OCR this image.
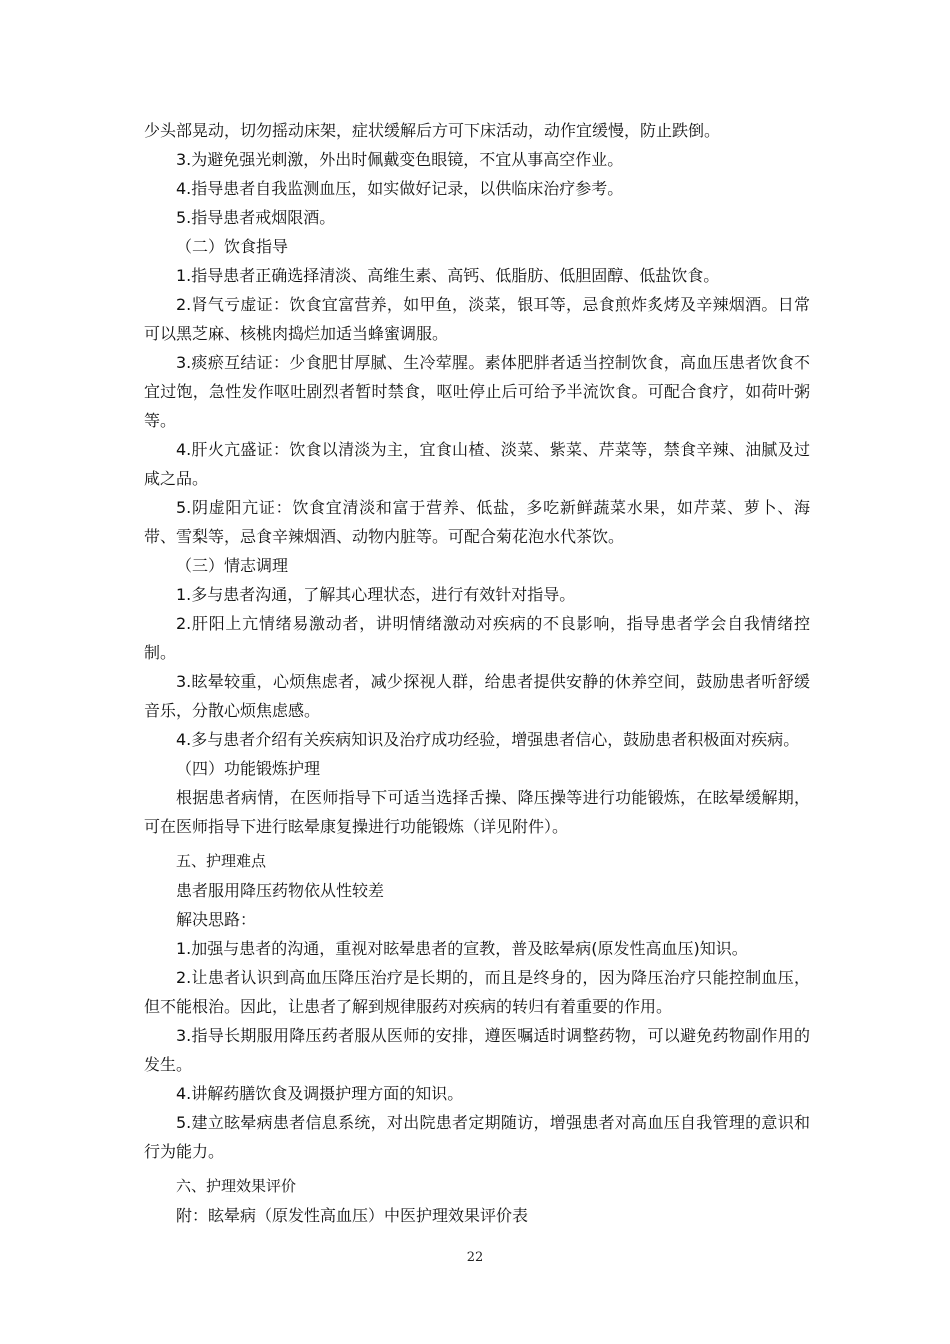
少头部晃动，切勿摇动床架，症状缓解后方可下床活动，动作宜缓慢，防止跌倒。

3.为避免强光刺激，外出时佩戴变色眼镜，不宜从事高空作业。

4.指导患者自我监测血压，如实做好记录，以供临床治疗参考。

5.指导患者戒烟限酒。

（二）饮食指导

1.指导患者正确选择清淡、高维生素、高钙、低脂肪、低胆固醇、低盐饮食。

2.肾气亏虚证：饮食宜富营养，如甲鱼，淡菜，银耳等，忌食煎炸炙烤及辛辣烟酒。日常可以黑芝麻、核桃肉捣烂加适当蜂蜜调服。

3.痰瘀互结证：少食肥甘厚腻、生冷荤腥。素体肥胖者适当控制饮食，高血压患者饮食不宜过饱，急性发作呕吐剧烈者暂时禁食，呕吐停止后可给予半流饮食。可配合食疗，如荷叶粥等。

4.肝火亢盛证：饮食以清淡为主，宜食山楂、淡菜、紫菜、芹菜等，禁食辛辣、油腻及过咸之品。

5.阴虚阳亢证：饮食宜清淡和富于营养、低盐，多吃新鲜蔬菜水果，如芹菜、萝卜、海带、雪梨等，忌食辛辣烟酒、动物内脏等。可配合菊花泡水代茶饮。

（三）情志调理

1.多与患者沟通，了解其心理状态，进行有效针对指导。

2.肝阳上亢情绪易激动者，讲明情绪激动对疾病的不良影响，指导患者学会自我情绪控制。

3.眩晕较重，心烦焦虑者，减少探视人群，给患者提供安静的休养空间，鼓励患者听舒缓音乐，分散心烦焦虑感。

4.多与患者介绍有关疾病知识及治疗成功经验，增强患者信心，鼓励患者积极面对疾病。

（四）功能锻炼护理

根据患者病情，在医师指导下可适当选择舌操、降压操等进行功能锻炼，在眩晕缓解期，可在医师指导下进行眩晕康复操进行功能锻炼（详见附件）。

五、护理难点

患者服用降压药物依从性较差

解决思路：

1.加强与患者的沟通，重视对眩晕患者的宣教，普及眩晕病(原发性高血压)知识。

2.让患者认识到高血压降压治疗是长期的，而且是终身的，因为降压治疗只能控制血压，但不能根治。因此，让患者了解到规律服药对疾病的转归有着重要的作用。

3.指导长期服用降压药者服从医师的安排，遵医嘱适时调整药物，可以避免药物副作用的发生。

4.讲解药膳饮食及调摄护理方面的知识。

5.建立眩晕病患者信息系统，对出院患者定期随访，增强患者对高血压自我管理的意识和行为能力。

六、护理效果评价

附：眩晕病（原发性高血压）中医护理效果评价表

22
